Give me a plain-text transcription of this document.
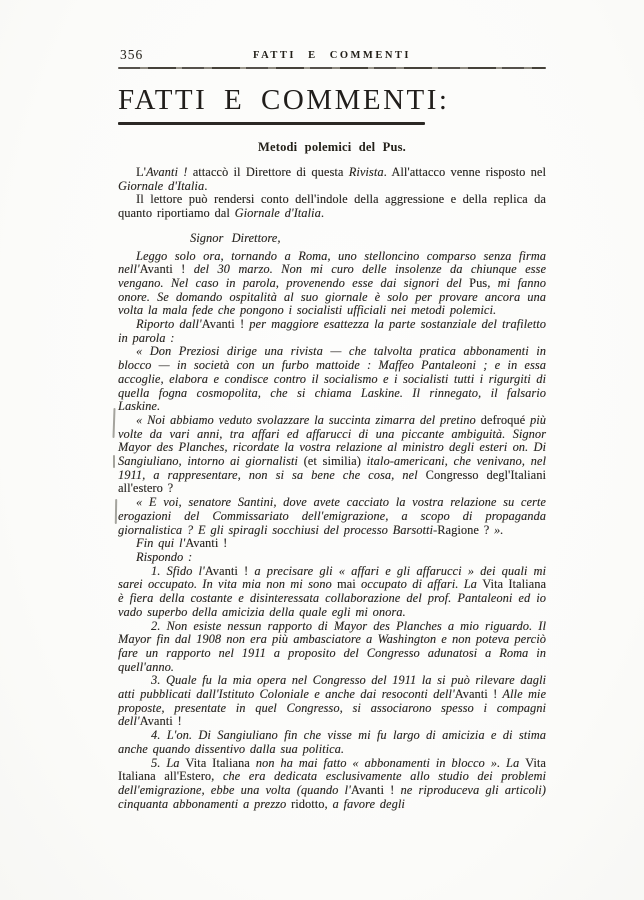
356	FATTI E COMMENTI
FATTI E COMMENTI:
Metodi polemici del Pus.

L'Avanti ! attaccò il Direttore di questa Rivista. All'attacco venne risposto nel Giornale d'Italia.

Il lettore può rendersi conto dell'indole della aggressione e della replica da quanto riportiamo dal Giornale d'Italia.

Signor Direttore,

Leggo solo ora, tornando a Roma, uno stelloncino comparso senza firma nell'Avanti ! del 30 marzo. Non mi curo delle insolenze da chiunque esse vengano. Nel caso in parola, provenendo esse dai signori del Pus, mi fanno onore. Se domando ospitalità al suo giornale è solo per provare ancora una volta la mala fede che pongono i socialisti ufficiali nei metodi polemici.

Riporto dall'Avanti ! per maggiore esattezza la parte sostanziale del trafiletto in parola :

« Don Preziosi dirige una rivista — che talvolta pratica abbonamenti in blocco — in società con un furbo mattoide : Maffeo Pantaleoni ; e in essa accoglie, elabora e condisce contro il socialismo e i socialisti tutti i rigurgiti di quella fogna cosmopolita, che si chiama Laskine. Il rinnegato, il falsario Laskine.

« Noi abbiamo veduto svolazzare la succinta zimarra del pretino defroqué più volte da vari anni, tra affari ed affarucci di una piccante ambiguità. Signor Mayor des Planches, ricordate la vostra relazione al ministro degli esteri on. Di Sangiuliano, intorno ai giornalisti (et similia) italo-americani, che venivano, nel 1911, a rappresentare, non si sa bene che cosa, nel Congresso degl'Italiani all'estero ?

« E voi, senatore Santini, dove avete cacciato la vostra relazione su certe erogazioni del Commissariato dell'emigrazione, a scopo di propaganda giornalistica ? E gli spiragli socchiusi del processo Barsotti-Ragione ? ».

Fin qui l'Avanti !

Rispondo :

1. Sfido l'Avanti ! a precisare gli « affari e gli affarucci » dei quali mi sarei occupato. In vita mia non mi sono mai occupato di affari. La Vita Italiana è fiera della costante e disinteressata collaborazione del prof. Pantaleoni ed io vado superbo della amicizia della quale egli mi onora.

2. Non esiste nessun rapporto di Mayor des Planches a mio riguardo. Il Mayor fin dal 1908 non era più ambasciatore a Washington e non poteva perciò fare un rapporto nel 1911 a proposito del Congresso adunatosi a Roma in quell'anno.

3. Quale fu la mia opera nel Congresso del 1911 la si può rilevare dagli atti pubblicati dall'Istituto Coloniale e anche dai resoconti dell'Avanti ! Alle mie proposte, presentate in quel Congresso, si associarono spesso i compagni dell'Avanti !

4. L'on. Di Sangiuliano fin che visse mi fu largo di amicizia e di stima anche quando dissentivo dalla sua politica.

5. La Vita Italiana non ha mai fatto « abbonamenti in blocco ». La Vita Italiana all'Estero, che era dedicata esclusivamente allo studio dei problemi dell'emigrazione, ebbe una volta (quando l'Avanti ! ne riproduceva gli articoli) cinquanta abbonamenti a prezzo ridotto, a favore degli
